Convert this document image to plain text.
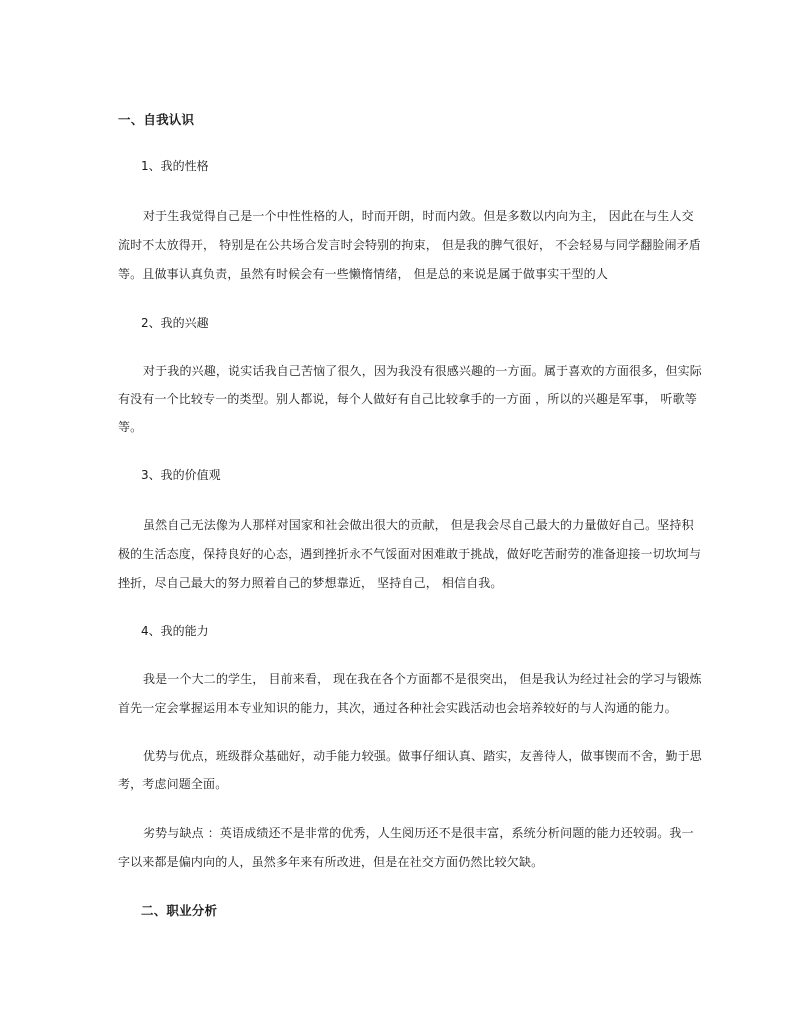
一、自我认识
1、我的性格
对于生我觉得自己是一个中性性格的人，时而开朗，时而内敛。但是多数以内向为主， 因此在与生人交
流时不太放得开， 特别是在公共场合发言时会特别的拘束， 但是我的脾气很好， 不会轻易与同学翻脸闹矛盾
等。且做事认真负责，虽然有时候会有一些懒惰情绪， 但是总的来说是属于做事实干型的人
2、我的兴趣
对于我的兴趣，说实话我自己苦恼了很久，因为我没有很感兴趣的一方面。属于喜欢的方面很多，但实际
有没有一个比较专一的类型。别人都说，每个人做好有自己比较拿手的一方面 ，所以的兴趣是军事， 听歌等
等。
3、我的价值观
虽然自己无法像为人那样对国家和社会做出很大的贡献， 但是我会尽自己最大的力量做好自己。坚持积
极的生活态度，保持良好的心态，遇到挫折永不气馁面对困难敢于挑战，做好吃苦耐劳的准备迎接一切坎坷与
挫折，尽自己最大的努力照着自己的梦想靠近， 坚持自己， 相信自我。
4、我的能力
我是一个大二的学生， 目前来看， 现在我在各个方面都不是很突出， 但是我认为经过社会的学习与锻炼
首先一定会掌握运用本专业知识的能力，其次，通过各种社会实践活动也会培养较好的与人沟通的能力。
优势与优点，班级群众基础好，动手能力较强。做事仔细认真、踏实，友善待人，做事锲而不舍，勤于思
考，考虑问题全面。
劣势与缺点 ：英语成绩还不是非常的优秀，人生阅历还不是很丰富，系统分析问题的能力还较弱。我一
字以来都是偏内向的人，虽然多年来有所改进，但是在社交方面仍然比较欠缺。
二、职业分析
